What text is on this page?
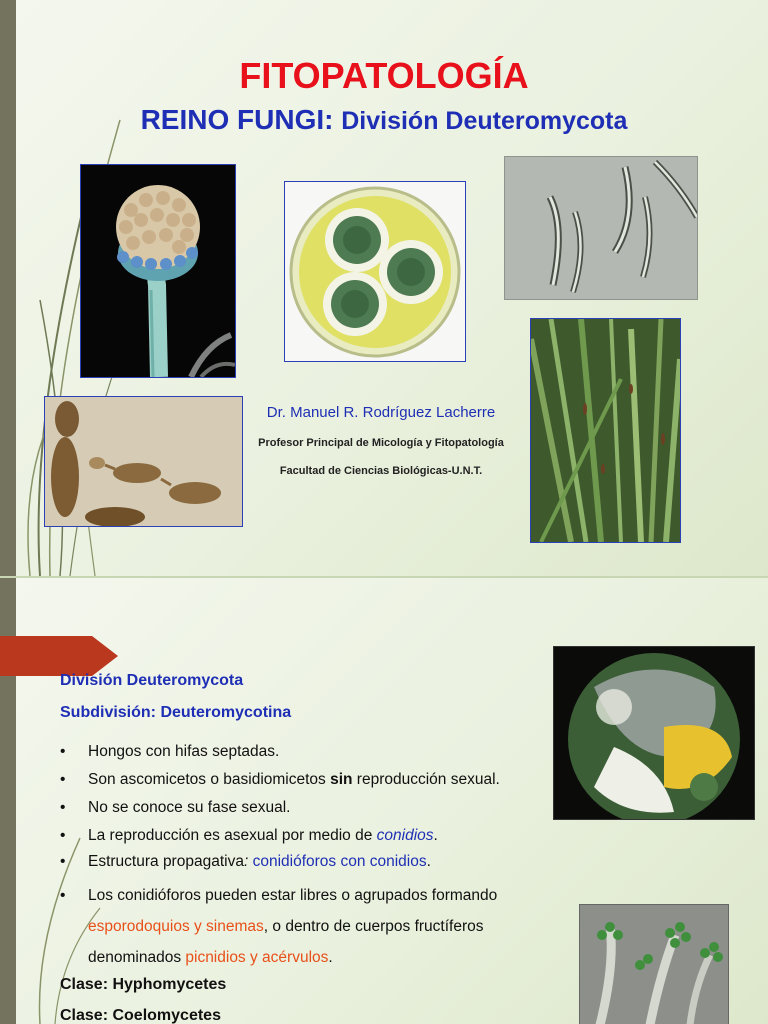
FITOPATOLOGÍA
REINO FUNGI: División Deuteromycota
Dr. Manuel R. Rodríguez Lacherre
Profesor Principal de Micología y Fitopatología
Facultad de Ciencias Biológicas-U.N.T.
División Deuteromycota
Subdivisión: Deuteromycotina
• Hongos con hifas septadas.
• Son ascomicetos o basidiomicetos sin reproducción sexual.
• No se conoce su fase sexual.
• La reproducción es asexual por medio de conidios.
• Estructura propagativa: conidióforos con conidios.
• Los conidióforos pueden estar libres o agrupados formando
esporodoquios y sinemas, o dentro de cuerpos fructíferos
denominados picnidios y acérvulos.
Clase: Hyphomycetes
Clase: Coelomycetes
